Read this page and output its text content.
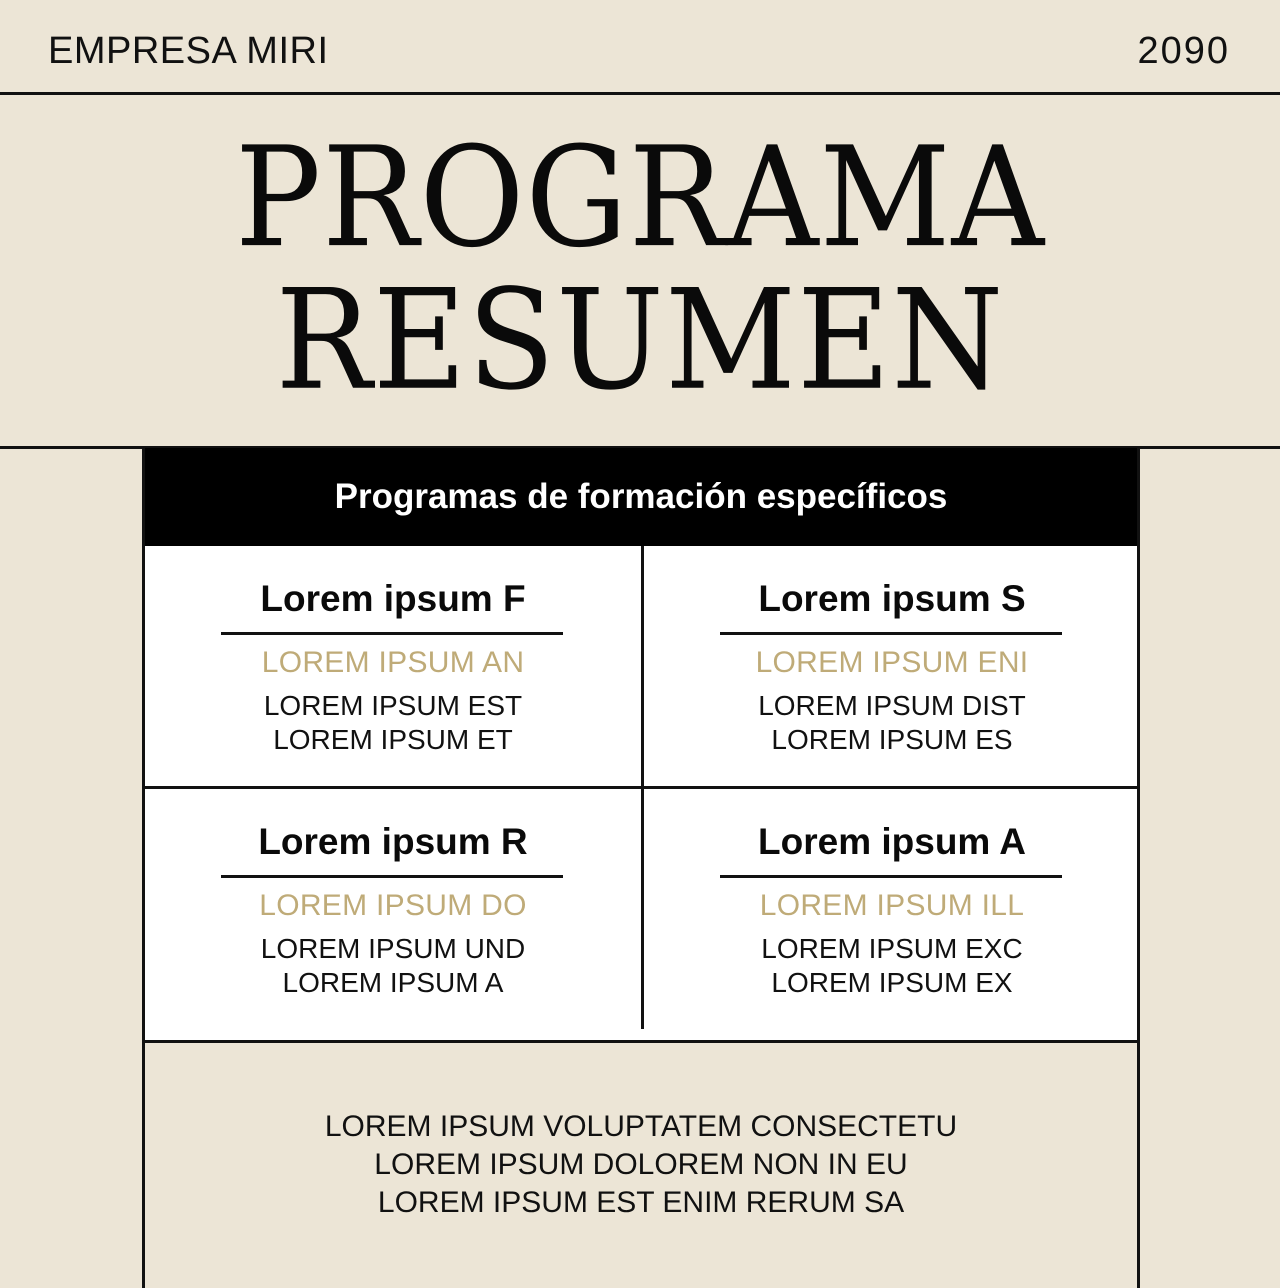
EMPRESA MIRI	2090
PROGRAMA
RESUMEN
Programas de formación específicos
Lorem ipsum F
LOREM IPSUM AN
LOREM IPSUM EST
LOREM IPSUM ET
Lorem ipsum S
LOREM IPSUM ENI
LOREM IPSUM DIST
LOREM IPSUM ES
Lorem ipsum R
LOREM IPSUM DO
LOREM IPSUM UND
LOREM IPSUM A
Lorem ipsum A
LOREM IPSUM ILL
LOREM IPSUM EXC
LOREM IPSUM EX
LOREM IPSUM VOLUPTATEM CONSECTETU
LOREM IPSUM DOLOREM NON IN EU
LOREM IPSUM EST ENIM RERUM SA
